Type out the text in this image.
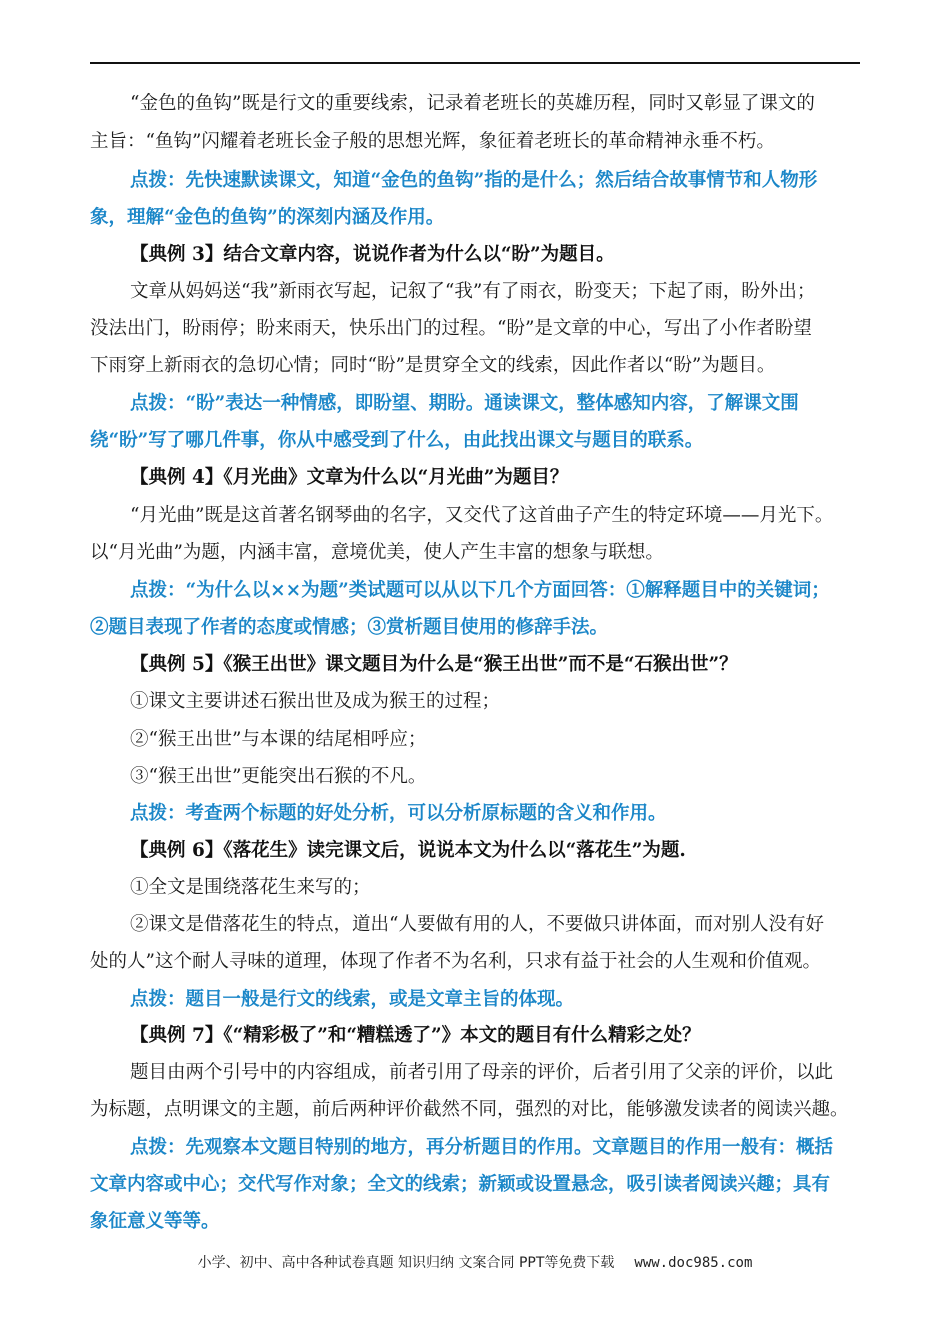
“金色的鱼钩”既是行文的重要线索，记录着老班长的英雄历程，同时又彰显了课文的
主旨：“鱼钩”闪耀着老班长金子般的思想光辉，象征着老班长的革命精神永垂不朽。
点拨：先快速默读课文，知道“金色的鱼钩”指的是什么；然后结合故事情节和人物形
象，理解“金色的鱼钩”的深刻内涵及作用。
【典例 3】结合文章内容，说说作者为什么以“盼”为题目。
文章从妈妈送“我”新雨衣写起，记叙了“我”有了雨衣，盼变天；下起了雨，盼外出；
没法出门，盼雨停；盼来雨天，快乐出门的过程。“盼”是文章的中心，写出了小作者盼望
下雨穿上新雨衣的急切心情；同时“盼”是贯穿全文的线索，因此作者以“盼”为题目。
点拨：“盼”表达一种情感，即盼望、期盼。通读课文，整体感知内容，了解课文围
绕“盼”写了哪几件事，你从中感受到了什么，由此找出课文与题目的联系。
【典例 4】《月光曲》文章为什么以“月光曲”为题目？
“月光曲”既是这首著名钢琴曲的名字，又交代了这首曲子产生的特定环境——月光下。
以“月光曲”为题，内涵丰富，意境优美，使人产生丰富的想象与联想。
点拨：“为什么以××为题”类试题可以从以下几个方面回答：①解释题目中的关键词；
②题目表现了作者的态度或情感；③赏析题目使用的修辞手法。
【典例 5】《猴王出世》课文题目为什么是“猴王出世”而不是“石猴出世”？
①课文主要讲述石猴出世及成为猴王的过程；
②“猴王出世”与本课的结尾相呼应；
③“猴王出世”更能突出石猴的不凡。
点拨：考查两个标题的好处分析，可以分析原标题的含义和作用。
【典例 6】《落花生》读完课文后，说说本文为什么以“落花生”为题.
①全文是围绕落花生来写的；
②课文是借落花生的特点，道出“人要做有用的人，不要做只讲体面，而对别人没有好
处的人”这个耐人寻味的道理，体现了作者不为名利，只求有益于社会的人生观和价值观。
点拨：题目一般是行文的线索，或是文章主旨的体现。
【典例 7】《“精彩极了”和“糟糕透了”》本文的题目有什么精彩之处？
题目由两个引号中的内容组成，前者引用了母亲的评价，后者引用了父亲的评价，以此
为标题，点明课文的主题，前后两种评价截然不同，强烈的对比，能够激发读者的阅读兴趣。
点拨：先观察本文题目特别的地方，再分析题目的作用。文章题目的作用一般有：概括
文章内容或中心；交代写作对象；全文的线索；新颖或设置悬念，吸引读者阅读兴趣；具有
象征意义等等。
小学、初中、高中各种试卷真题 知识归纳 文案合同 PPT等免费下载 www.doc985.com
